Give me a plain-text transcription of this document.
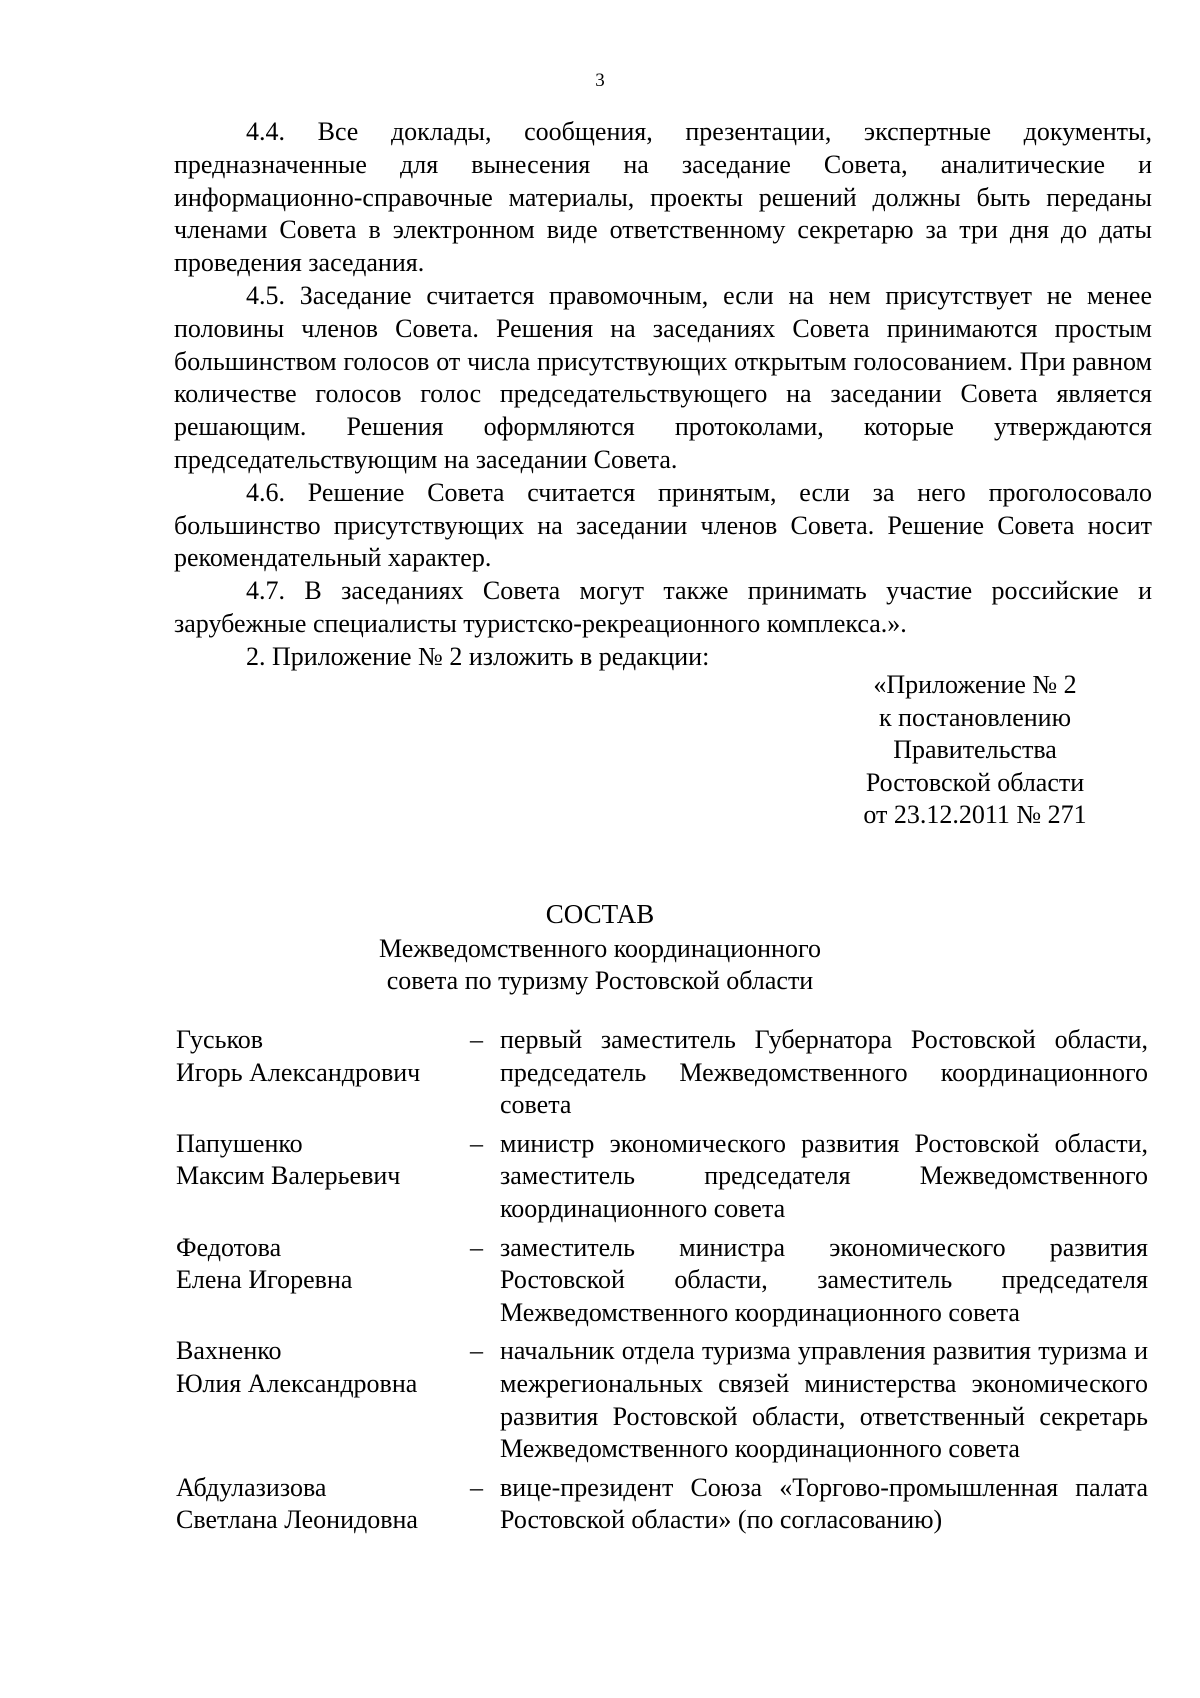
3

4.4. Все доклады, сообщения, презентации, экспертные документы, предназначенные для вынесения на заседание Совета, аналитические и информационно-справочные материалы, проекты решений должны быть переданы членами Совета в электронном виде ответственному секретарю за три дня до даты проведения заседания.

4.5. Заседание считается правомочным, если на нем присутствует не менее половины членов Совета. Решения на заседаниях Совета принимаются простым большинством голосов от числа присутствующих открытым голосованием. При равном количестве голосов голос председательствующего на заседании Совета является решающим. Решения оформляются протоколами, которые утверждаются председательствующим на заседании Совета.

4.6. Решение Совета считается принятым, если за него проголосовало большинство присутствующих на заседании членов Совета. Решение Совета носит рекомендательный характер.

4.7. В заседаниях Совета могут также принимать участие российские и зарубежные специалисты туристско-рекреационного комплекса.».

2. Приложение № 2 изложить в редакции:

«Приложение № 2
к постановлению
Правительства
Ростовской области
от 23.12.2011 № 271
СОСТАВ
Межведомственного координационного
совета по туризму Ростовской области
Гуськов
Игорь Александрович
– первый заместитель Губернатора Ростовской области, председатель Межведомственного координационного совета
Папушенко
Максим Валерьевич
– министр экономического развития Ростовской области, заместитель председателя Межведомственного координационного совета
Федотова
Елена Игоревна
– заместитель министра экономического развития Ростовской области, заместитель председателя Межведомственного координационного совета
Вахненко
Юлия Александровна
– начальник отдела туризма управления развития туризма и межрегиональных связей министерства экономического развития Ростовской области, ответственный секретарь Межведомственного координационного совета
Абдулазизова
Светлана Леонидовна
– вице-президент Союза «Торгово-промышленная палата Ростовской области» (по согласованию)
